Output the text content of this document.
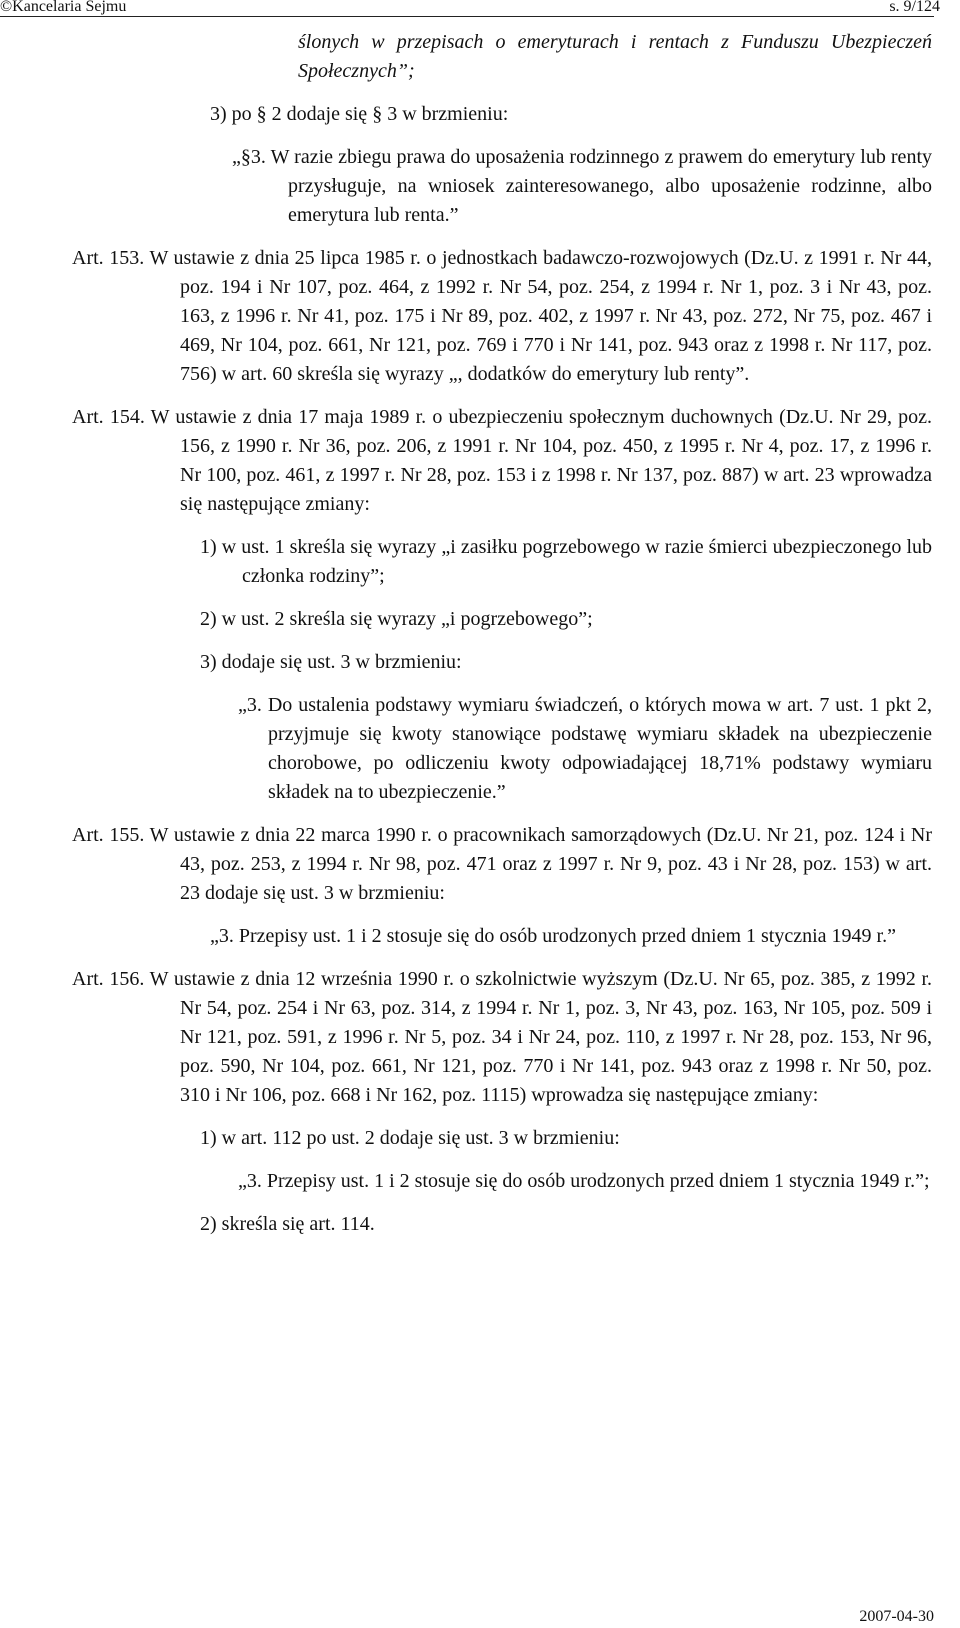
©Kancelaria Sejmu	s. 9/124
ślonych w przepisach o emeryturach i rentach z Funduszu Ubezpieczeń Społecznych”;
3) po § 2 dodaje się § 3 w brzmieniu:
„§3. W razie zbiegu prawa do uposażenia rodzinnego z prawem do emerytury lub renty przysługuje, na wniosek zainteresowanego, albo uposażenie rodzinne, albo emerytura lub renta.”
Art. 153. W ustawie z dnia 25 lipca 1985 r. o jednostkach badawczo-rozwojowych (Dz.U. z 1991 r. Nr 44, poz. 194 i Nr 107, poz. 464, z 1992 r. Nr 54, poz. 254, z 1994 r. Nr 1, poz. 3 i Nr 43, poz. 163, z 1996 r. Nr 41, poz. 175 i Nr 89, poz. 402, z 1997 r. Nr 43, poz. 272, Nr 75, poz. 467 i 469, Nr 104, poz. 661, Nr 121, poz. 769 i 770 i Nr 141, poz. 943 oraz z 1998 r. Nr 117, poz. 756) w art. 60 skreśla się wyrazy „, dodatków do emerytury lub renty”.
Art. 154. W ustawie z dnia 17 maja 1989 r. o ubezpieczeniu społecznym duchownych (Dz.U. Nr 29, poz. 156, z 1990 r. Nr 36, poz. 206, z 1991 r. Nr 104, poz. 450, z 1995 r. Nr 4, poz. 17, z 1996 r. Nr 100, poz. 461, z 1997 r. Nr 28, poz. 153 i z 1998 r. Nr 137, poz. 887) w art. 23 wprowadza się następujące zmiany:
1) w ust. 1 skreśla się wyrazy „i zasiłku pogrzebowego w razie śmierci ubezpieczonego lub członka rodziny”;
2) w ust. 2 skreśla się wyrazy „i pogrzebowego”;
3) dodaje się ust. 3 w brzmieniu:
„3. Do ustalenia podstawy wymiaru świadczeń, o których mowa w art. 7 ust. 1 pkt 2, przyjmuje się kwoty stanowiące podstawę wymiaru składek na ubezpieczenie chorobowe, po odliczeniu kwoty odpowiadającej 18,71% podstawy wymiaru składek na to ubezpieczenie.”
Art. 155. W ustawie z dnia 22 marca 1990 r. o pracownikach samorządowych (Dz.U. Nr 21, poz. 124 i Nr 43, poz. 253, z 1994 r. Nr 98, poz. 471 oraz z 1997 r. Nr 9, poz. 43 i Nr 28, poz. 153) w art. 23 dodaje się ust. 3 w brzmieniu:
„3. Przepisy ust. 1 i 2 stosuje się do osób urodzonych przed dniem 1 stycznia 1949 r.”
Art. 156. W ustawie z dnia 12 września 1990 r. o szkolnictwie wyższym (Dz.U. Nr 65, poz. 385, z 1992 r. Nr 54, poz. 254 i Nr 63, poz. 314, z 1994 r. Nr 1, poz. 3, Nr 43, poz. 163, Nr 105, poz. 509 i Nr 121, poz. 591, z 1996 r. Nr 5, poz. 34 i Nr 24, poz. 110, z 1997 r. Nr 28, poz. 153, Nr 96, poz. 590, Nr 104, poz. 661, Nr 121, poz. 770 i Nr 141, poz. 943 oraz z 1998 r. Nr 50, poz. 310 i Nr 106, poz. 668 i Nr 162, poz. 1115) wprowadza się następujące zmiany:
1) w art. 112 po ust. 2 dodaje się ust. 3 w brzmieniu:
„3. Przepisy ust. 1 i 2 stosuje się do osób urodzonych przed dniem 1 stycznia 1949 r.”;
2) skreśla się art. 114.
2007-04-30
